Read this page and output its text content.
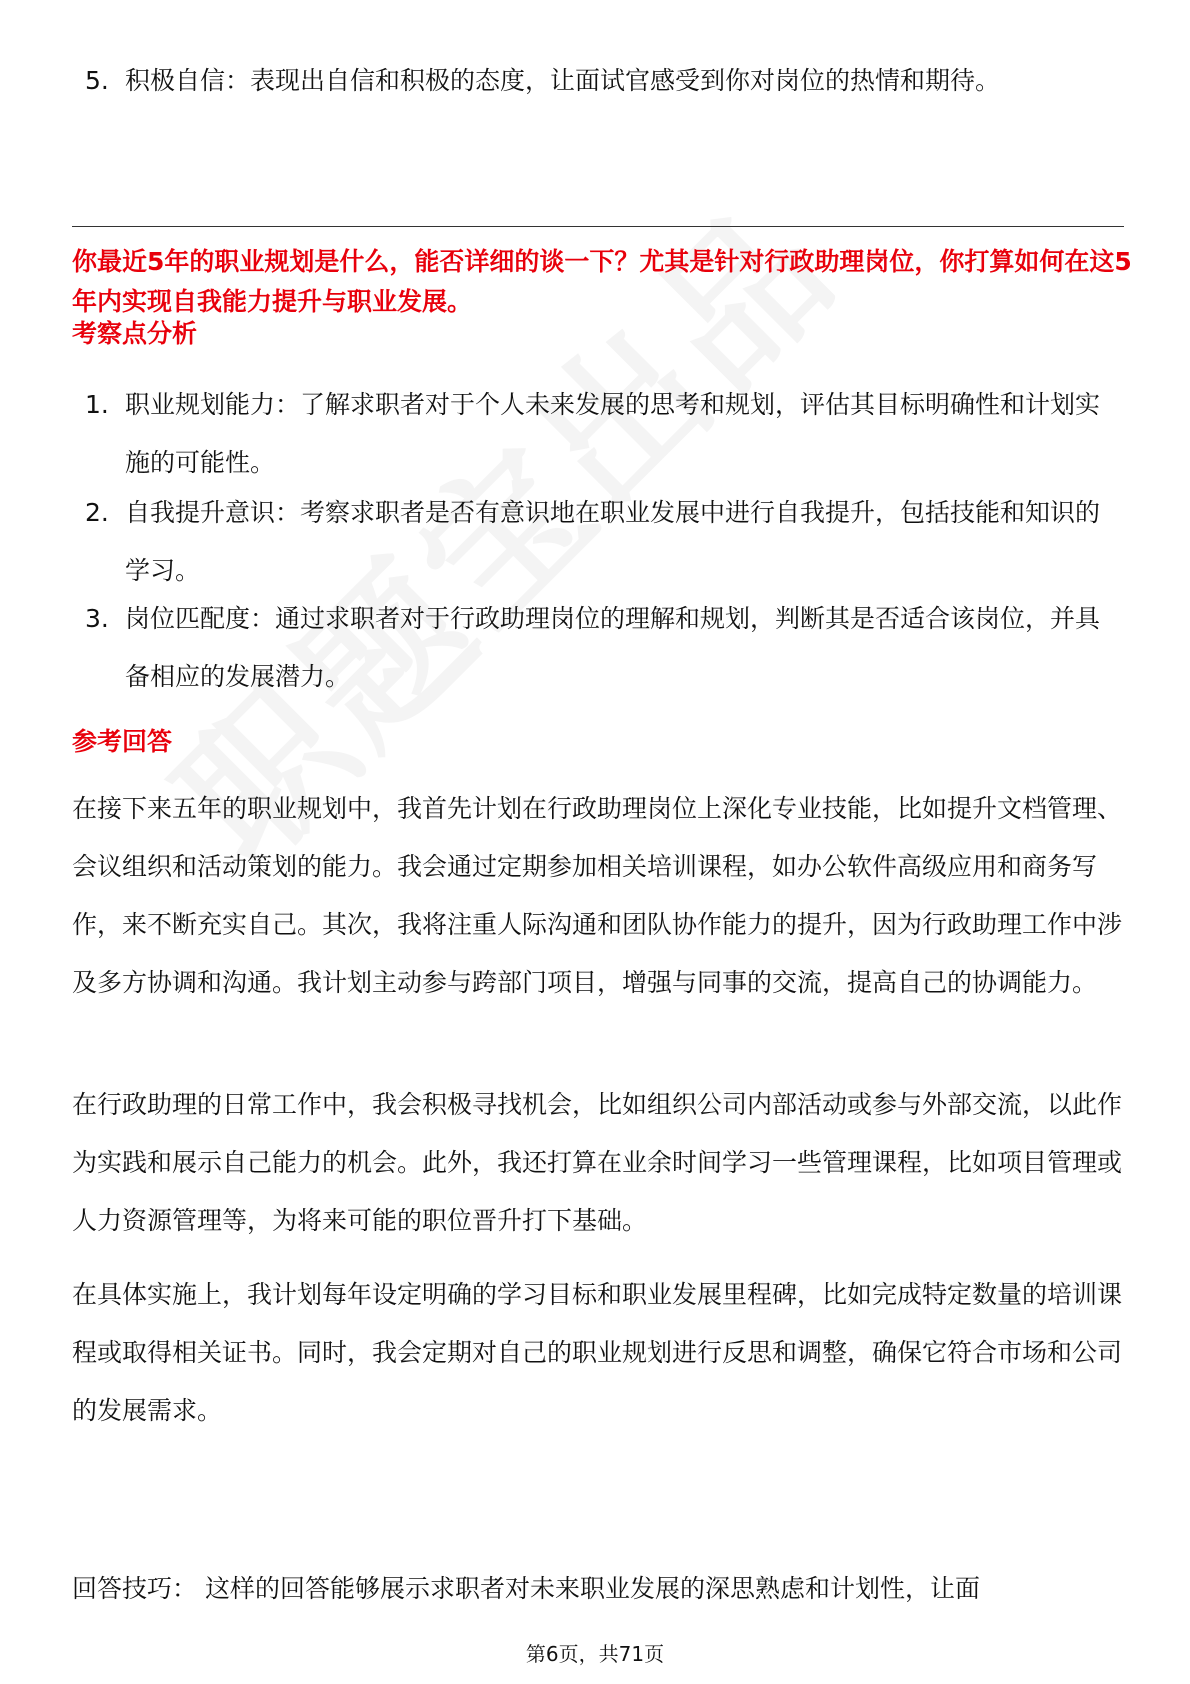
5. 积极自信：表现出自信和积极的态度，让面试官感受到你对岗位的热情和期待。
你最近5年的职业规划是什么，能否详细的谈一下？尤其是针对行政助理岗位，你打算如何在这5年内实现自我能力提升与职业发展。
考察点分析
1. 职业规划能力：了解求职者对于个人未来发展的思考和规划，评估其目标明确性和计划实施的可能性。
2. 自我提升意识：考察求职者是否有意识地在职业发展中进行自我提升，包括技能和知识的学习。
3. 岗位匹配度：通过求职者对于行政助理岗位的理解和规划，判断其是否适合该岗位，并具备相应的发展潜力。
参考回答

在接下来五年的职业规划中，我首先计划在行政助理岗位上深化专业技能，比如提升文档管理、会议组织和活动策划的能力。我会通过定期参加相关培训课程，如办公软件高级应用和商务写作，来不断充实自己。其次，我将注重人际沟通和团队协作能力的提升，因为行政助理工作中涉及多方协调和沟通。我计划主动参与跨部门项目，增强与同事的交流，提高自己的协调能力。

在行政助理的日常工作中，我会积极寻找机会，比如组织公司内部活动或参与外部交流，以此作为实践和展示自己能力的机会。此外，我还打算在业余时间学习一些管理课程，比如项目管理或人力资源管理等，为将来可能的职位晋升打下基础。

在具体实施上，我计划每年设定明确的学习目标和职业发展里程碑，比如完成特定数量的培训课程或取得相关证书。同时，我会定期对自己的职业规划进行反思和调整，确保它符合市场和公司的发展需求。

回答技巧： 这样的回答能够展示求职者对未来职业发展的深思熟虑和计划性，让面
第6页，共71页
